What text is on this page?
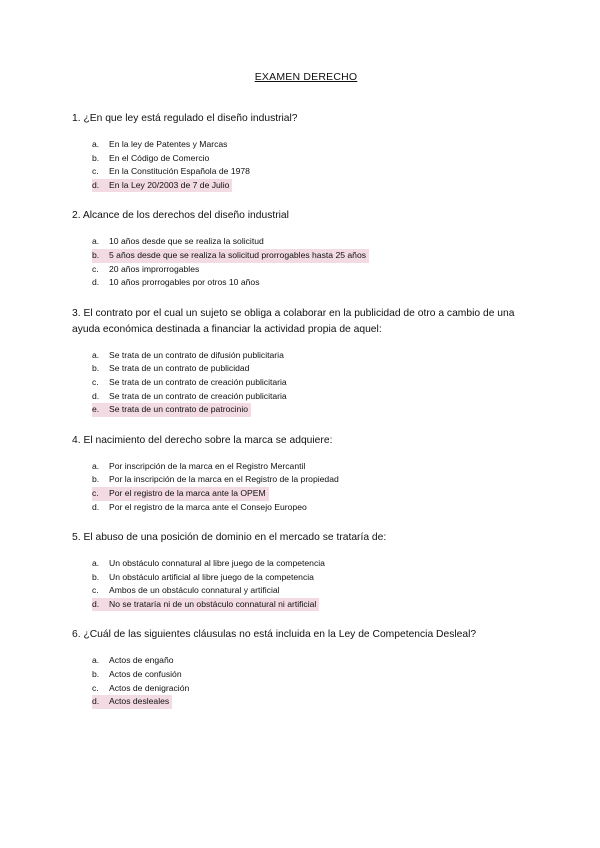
EXAMEN DERECHO
1. ¿En que ley está regulado el diseño industrial?
a. En la ley de Patentes y Marcas
b. En el Código de Comercio
c. En la Constitución Española de 1978
d. En la Ley 20/2003 de 7 de Julio
2. Alcance de los derechos del diseño industrial
a. 10 años desde que se realiza la solicitud
b. 5 años desde que se realiza la solicitud prorrogables hasta 25 años
c. 20 años improrrogables
d. 10 años prorrogables por otros 10 años
3. El contrato por el cual un sujeto se obliga a colaborar en la publicidad de otro a cambio de una ayuda económica destinada a financiar la actividad propia de aquel:
a. Se trata de un contrato de difusión publicitaria
b. Se trata de un contrato de publicidad
c. Se trata de un contrato de creación publicitaria
d. Se trata de un contrato de creación publicitaria
e. Se trata de un contrato de patrocinio
4. El nacimiento del derecho sobre la marca se adquiere:
a. Por inscripción de la marca en el Registro Mercantil
b. Por la inscripción de la marca en el Registro de la propiedad
c. Por el registro de la marca ante la OPEM
d. Por el registro de la marca ante el Consejo Europeo
5. El abuso de una posición de dominio en el mercado se trataría de:
a. Un obstáculo connatural al libre juego de la competencia
b. Un obstáculo artificial al libre juego de la competencia
c. Ambos de un obstáculo connatural y artificial
d. No se trataría ni de un obstáculo connatural ni artificial
6. ¿Cuál de las siguientes cláusulas no está incluida en la Ley de Competencia Desleal?
a. Actos de engaño
b. Actos de confusión
c. Actos de denigración
d. Actos desleales
